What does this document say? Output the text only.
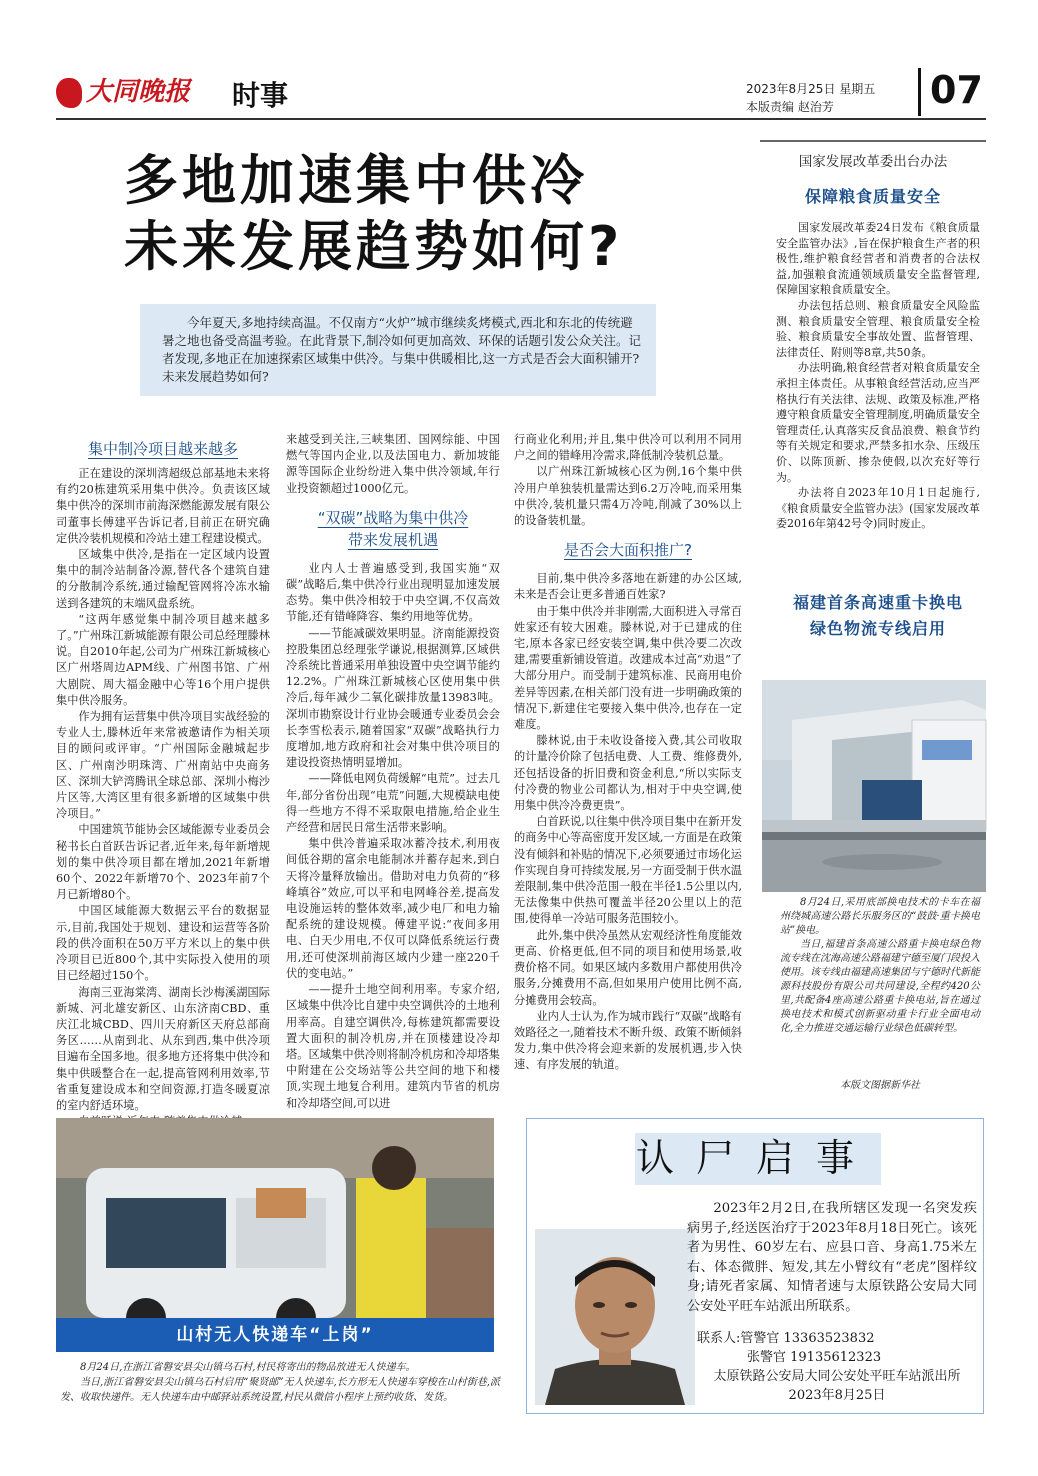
大同晚报 时事	2023年8月25日 星期五
本版责编 赵治芳	07
多地加速集中供冷
未来发展趋势如何?
今年夏天,多地持续高温。不仅南方“火炉”城市继续炙烤模式,西北和东北的传统避暑之地也备受高温考验。在此背景下,制冷如何更加高效、环保的话题引发公众关注。记者发现,多地正在加速探索区域集中供冷。与集中供暖相比,这一方式是否会大面积铺开?未来发展趋势如何?
集中制冷项目越来越多

正在建设的深圳湾超级总部基地未来将有约20栋建筑采用集中供冷。负责该区域集中供冷的深圳市前海深燃能源发展有限公司董事长傅建平告诉记者,目前正在研究确定供冷装机规模和冷站土建工程建设模式。

区域集中供冷,是指在一定区域内设置集中的制冷站制备冷源,替代各个建筑自建的分散制冷系统,通过输配管网将冷冻水输送到各建筑的末端风盘系统。

“这两年感觉集中制冷项目越来越多了。”广州珠江新城能源有限公司总经理滕林说。自2010年起,公司为广州珠江新城核心区广州塔周边APM线、广州图书馆、广州大剧院、周大福金融中心等16个用户提供集中供冷服务。

作为拥有运营集中供冷项目实战经验的专业人士,滕林近年来常被邀请作为相关项目的顾问或评审。“广州国际金融城起步区、广州南沙明珠湾、广州南站中央商务区、深圳大铲湾腾讯全球总部、深圳小梅沙片区等,大湾区里有很多新增的区域集中供冷项目。”

中国建筑节能协会区域能源专业委员会秘书长白首跃告诉记者,近年来,每年新增规划的集中供冷项目都在增加,2021年新增60个、2022年新增70个、2023年前7个月已新增80个。

中国区域能源大数据云平台的数据显示,目前,我国处于规划、建设和运营等各阶段的供冷面积在50万平方米以上的集中供冷项目已近800个,其中实际投入使用的项目已经超过150个。

海南三亚海棠湾、湖南长沙梅溪湖国际新城、河北雄安新区、山东济南CBD、重庆江北城CBD、四川天府新区天府总部商务区……从南到北、从东到西,集中供冷项目遍布全国多地。很多地方还将集中供冷和集中供暖整合在一起,提高管网利用效率,节省重复建设成本和空间资源,打造冬暖夏凉的室内舒适环境。

来越受到关注,三峡集团、国网综能、中国燃气等国内企业,以及法国电力、新加坡能源等国际企业纷纷进入集中供冷领域,年行业投资额超过1000亿元。

“双碳”战略为集中供冷
带来发展机遇

业内人士普遍感受到,我国实施“双碳”战略后,集中供冷行业出现明显加速发展态势。集中供冷相较于中央空调,不仅高效节能,还有错峰降容、集约用地等优势。

——节能减碳效果明显。济南能源投资控股集团总经理张学谦说,根据测算,区域供冷系统比普通采用单独设置中央空调节能约12.2%。广州珠江新城核心区使用集中供冷后,每年减少二氧化碳排放量13983吨。深圳市勘察设计行业协会暖通专业委员会会长李雪松表示,随着国家“双碳”战略执行力度增加,地方政府和社会对集中供冷项目的建设投资热情明显增加。

——降低电网负荷缓解“电荒”。过去几年,部分省份出现“电荒”问题,大规模缺电使得一些地方不得不采取限电措施,给企业生产经营和居民日常生活带来影响。

集中供冷普遍采取冰蓄冷技术,利用夜间低谷期的富余电能制冰并蓄存起来,到白天将冷量释放输出。借助对电力负荷的“移峰填谷”效应,可以平和电网峰谷差,提高发电设施运转的整体效率,减少电厂和电力输配系统的建设规模。傅建平说:“夜间多用电、白天少用电,不仅可以降低系统运行费用,还可使深圳前海区域内少建一座220千伏的变电站。”

——提升土地空间利用率。专家介绍,区域集中供冷比自建中央空调供冷的土地利用率高。自建空调供冷,每栋建筑都需要设置大面积的制冷机房,并在顶楼建设冷却塔。区域集中供冷则将制冷机房和冷却塔集中附建在公交场站等公共空间的地下和楼顶,实现土地复合利用。建筑内节省的机房和冷却塔空间,可以进

行商业化利用;并且,集中供冷可以利用不同用户之间的错峰用冷需求,降低制冷装机总量。

以广州珠江新城核心区为例,16个集中供冷用户单独装机量需达到6.2万冷吨,而采用集中供冷,装机量只需4万冷吨,削减了30%以上的设备装机量。

是否会大面积推广?

目前,集中供冷多落地在新建的办公区域,未来是否会让更多普通百姓家?

由于集中供冷并非刚需,大面积进入寻常百姓家还有较大困难。滕林说,对于已建成的住宅,原本各家已经安装空调,集中供冷要二次改建,需要重新铺设管道。改建成本过高“劝退”了大部分用户。而受制于建筑标准、民商用电价差异等因素,在相关部门没有进一步明确政策的情况下,新建住宅要接入集中供冷,也存在一定难度。

滕林说,由于未收设备接入费,其公司收取的计量冷价除了包括电费、人工费、维修费外,还包括设备的折旧费和资金利息,“所以实际支付冷费的物业公司都认为,相对于中央空调,使用集中供冷冷费更贵”。

白首跃说,以往集中供冷项目集中在新开发的商务中心等高密度开发区域,一方面是在政策没有倾斜和补贴的情况下,必须要通过市场化运作实现自身可持续发展,另一方面受制于供水温差限制,集中供冷范围一般在半径1.5公里以内,无法像集中供热可覆盖半径20公里以上的范围,使得单一冷站可服务范围较小。

此外,集中供冷虽然从宏观经济性角度能效更高、价格更低,但不同的项目和使用场景,收费价格不同。如果区域内多数用户都使用供冷服务,分摊费用不高,但如果用户使用比例不高,分摊费用会较高。

业内人士认为,作为城市践行“双碳”战略有效路径之一,随着技术不断升级、政策不断倾斜发力,集中供冷将会迎来新的发展机遇,步入快速、有序发展的轨道。

国家发展改革委出台办法
保障粮食质量安全

国家发展改革委24日发布《粮食质量安全监管办法》,旨在保护粮食生产者的积极性,维护粮食经营者和消费者的合法权益,加强粮食流通领域质量安全监督管理,保障国家粮食质量安全。

办法包括总则、粮食质量安全风险监测、粮食质量安全管理、粮食质量安全检验、粮食质量安全事故处置、监督管理、法律责任、附则等8章,共50条。

办法明确,粮食经营者对粮食质量安全承担主体责任。从事粮食经营活动,应当严格执行有关法律、法规、政策及标准,严格遵守粮食质量安全管理制度,明确质量安全管理责任,认真落实反食品浪费、粮食节约等有关规定和要求,严禁多扣水杂、压级压价、以陈顶新、掺杂使假,以次充好等行为。

办法将自2023年10月1日起施行,《粮食质量安全监管办法》(国家发展改革委2016年第42号令)同时废止。

福建首条高速重卡换电
绿色物流专线启用

8月24日,采用底部换电技术的卡车在福州绕城高速公路长乐服务区的“鼓鼓·重卡换电站”换电。

当日,福建首条高速公路重卡换电绿色物流专线在沈海高速公路福建宁德至厦门段投入使用。该专线由福建高速集团与宁德时代新能源科技股份有限公司共同建设,全程约420公里,共配备4座高速公路重卡换电站,旨在通过换电技术和模式创新驱动重卡行业全面电动化,全力推进交通运输行业绿色低碳转型。

本版文图据新华社
山村无人快递车“上岗”

8月24日,在浙江省磐安县尖山镇乌石村,村民将寄出的物品放进无人快递车。

当日,浙江省磐安县尖山镇乌石村启用“聚贤邮”无人快递车,长方形无人快递车穿梭在山村街巷,派发、收取快递件。无人快递车由中邮驿站系统设置,村民从微信小程序上预约收货、发货。

认尸启事

2023年2月2日,在我所辖区发现一名突发疾病男子,经送医治疗于2023年8月18日死亡。该死者为男性、60岁左右、应县口音、身高1.75米左右、体态微胖、短发,其左小臂纹有“老虎”图样纹身;请死者家属、知情者速与太原铁路公安局大同公安处平旺车站派出所联系。

联系人:管警官 13363523832
张警官 19135612323
太原铁路公安局大同公安处平旺车站派出所
2023年8月25日
